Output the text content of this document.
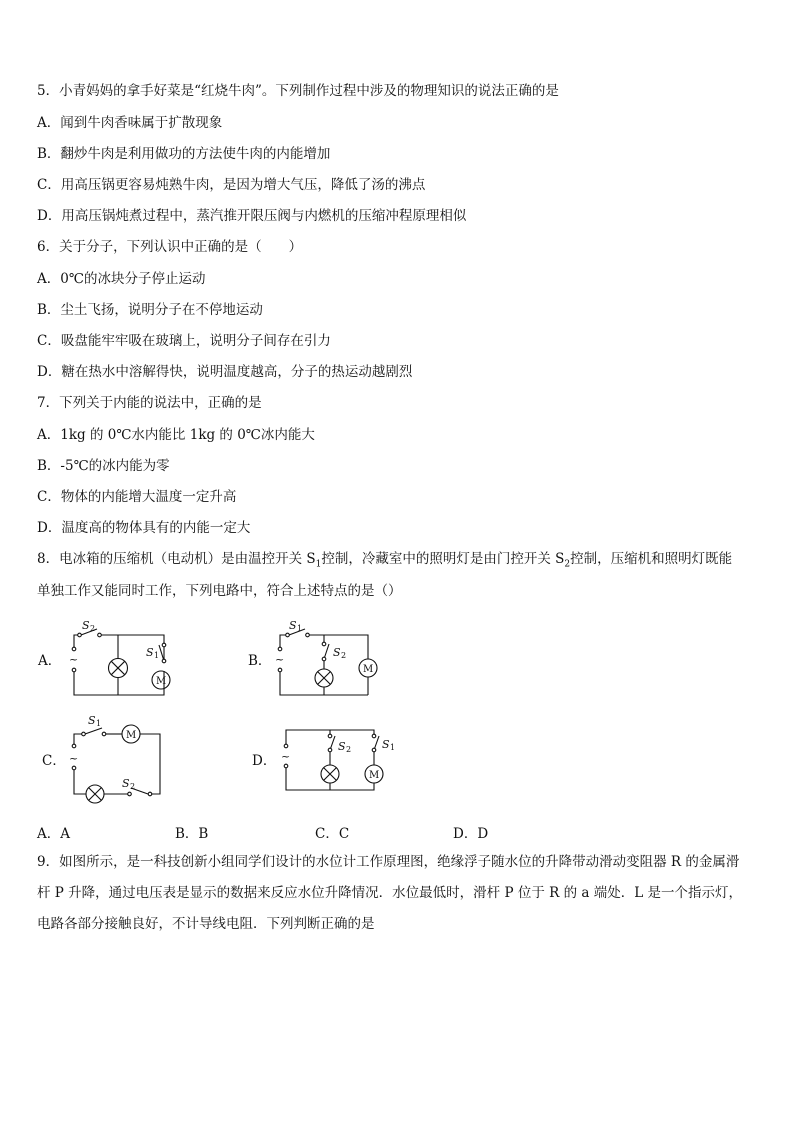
5．小青妈妈的拿手好菜是“红烧牛肉”。下列制作过程中涉及的物理知识的说法正确的是
A．闻到牛肉香味属于扩散现象
B．翻炒牛肉是利用做功的方法使牛肉的内能增加
C．用高压锅更容易炖熟牛肉，是因为增大气压，降低了汤的沸点
D．用高压锅炖煮过程中，蒸汽推开限压阀与内燃机的压缩冲程原理相似
6．关于分子，下列认识中正确的是（　　）
A．0℃的冰块分子停止运动
B．尘土飞扬，说明分子在不停地运动
C．吸盘能牢牢吸在玻璃上，说明分子间存在引力
D．糖在热水中溶解得快，说明温度越高，分子的热运动越剧烈
7．下列关于内能的说法中，正确的是
A．1kg 的 0℃水内能比 1kg 的 0℃冰内能大
B．-5℃的冰内能为零
C．物体的内能增大温度一定升高
D．温度高的物体具有的内能一定大
8．电冰箱的压缩机（电动机）是由温控开关 $S_1$控制，冷藏室中的照明灯是由门控开关 $S_2$控制，压缩机和照明灯既能
单独工作又能同时工作，下列电路中，符合上述特点的是（）
A． ~
S 2
S 1
M
B． ~
S 1
S 2
M
C． ~
S 1
M
S 2
D． ~
S 2	S 1
M
A．A	B．B	C．C	D．D
9．如图所示，是一科技创新小组同学们设计的水位计工作原理图，绝缘浮子随水位的升降带动滑动变阻器 R 的金属滑
杆 P 升降，通过电压表是显示的数据来反应水位升降情况．水位最低时，滑杆 P 位于 R 的 a 端处．L 是一个指示灯，
电路各部分接触良好，不计导线电阻．下列判断正确的是
